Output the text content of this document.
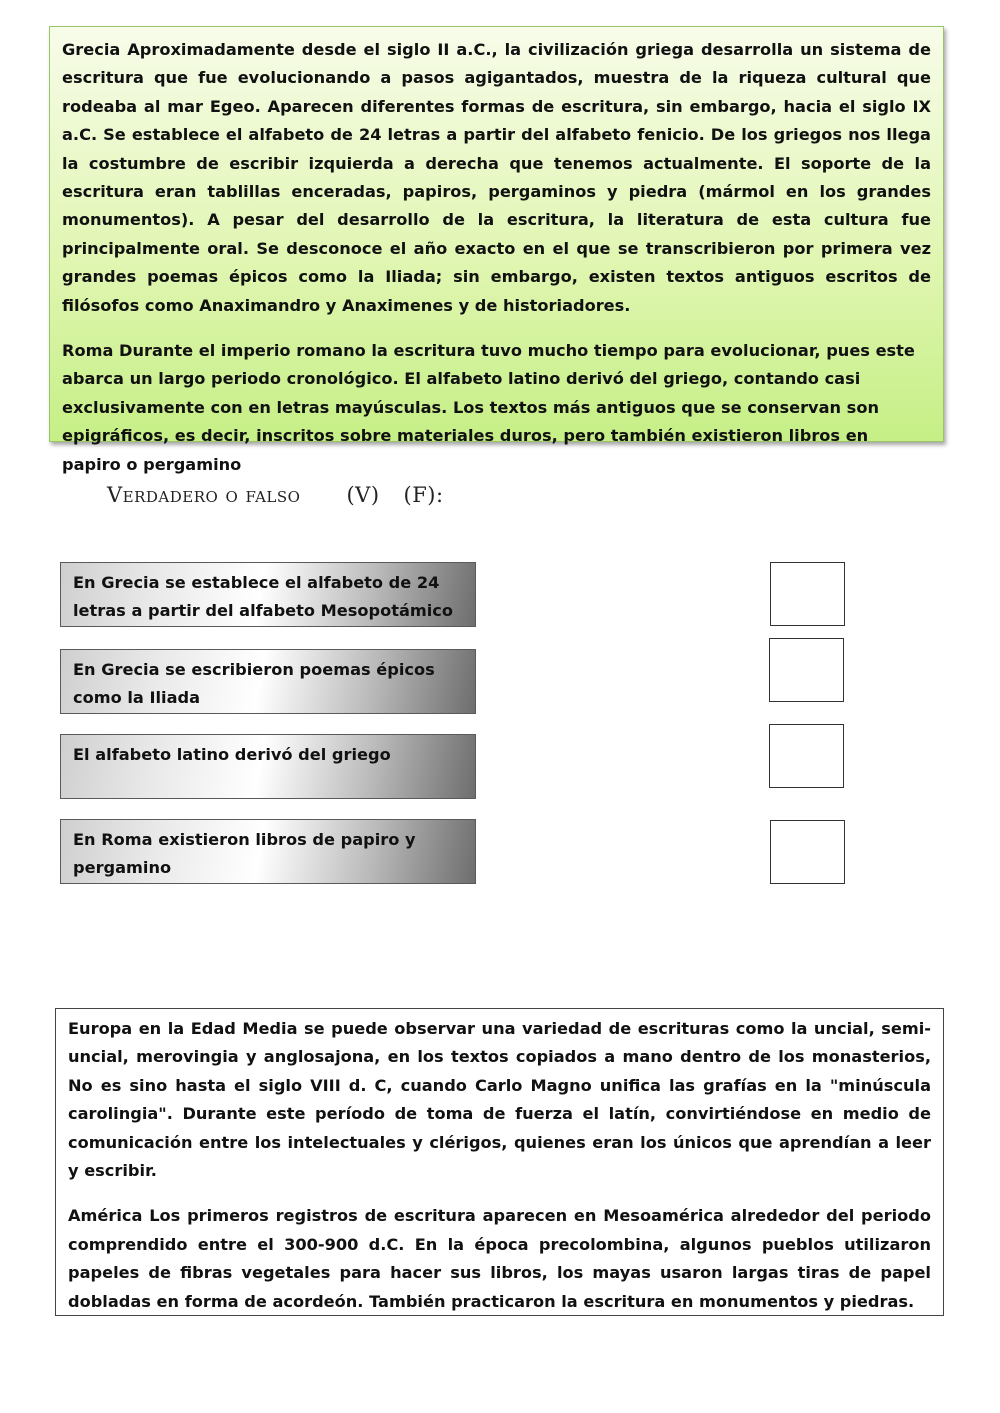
Grecia Aproximadamente desde el siglo II a.C., la civilización griega desarrolla un sistema de escritura que fue evolucionando a pasos agigantados, muestra de la riqueza cultural que rodeaba al mar Egeo. Aparecen diferentes formas de escritura, sin embargo, hacia el siglo IX a.C. Se establece el alfabeto de 24 letras a partir del alfabeto fenicio. De los griegos nos llega la costumbre de escribir izquierda a derecha que tenemos actualmente. El soporte de la escritura eran tablillas enceradas, papiros, pergaminos y piedra (mármol en los grandes monumentos). A pesar del desarrollo de la escritura, la literatura de esta cultura fue principalmente oral. Se desconoce el año exacto en el que se transcribieron por primera vez grandes poemas épicos como la Iliada; sin embargo, existen textos antiguos escritos de filósofos como Anaximandro y Anaximenes y de historiadores.

Roma Durante el imperio romano la escritura tuvo mucho tiempo para evolucionar, pues este abarca un largo periodo cronológico. El alfabeto latino derivó del griego, contando casi exclusivamente con en letras mayúsculas. Los textos más antiguos que se conservan son epigráficos, es decir, inscritos sobre materiales duros, pero también existieron libros en papiro o pergamino

Verdadero o falso (V) (F):
En Grecia se establece el alfabeto de 24 letras a partir del alfabeto Mesopotámico
En Grecia se escribieron poemas épicos como la Iliada
El alfabeto latino derivó del griego
En Roma existieron libros de papiro y pergamino

Europa en la Edad Media se puede observar una variedad de escrituras como la uncial, semi-uncial, merovingia y anglosajona, en los textos copiados a mano dentro de los monasterios, No es sino hasta el siglo VIII d. C, cuando Carlo Magno unifica las grafías en la "minúscula carolingia". Durante este período de toma de fuerza el latín, convirtiéndose en medio de comunicación entre los intelectuales y clérigos, quienes eran los únicos que aprendían a leer y escribir.

América Los primeros registros de escritura aparecen en Mesoamérica alrededor del periodo comprendido entre el 300-900 d.C. En la época precolombina, algunos pueblos utilizaron papeles de fibras vegetales para hacer sus libros, los mayas usaron largas tiras de papel dobladas en forma de acordeón. También practicaron la escritura en monumentos y piedras.
